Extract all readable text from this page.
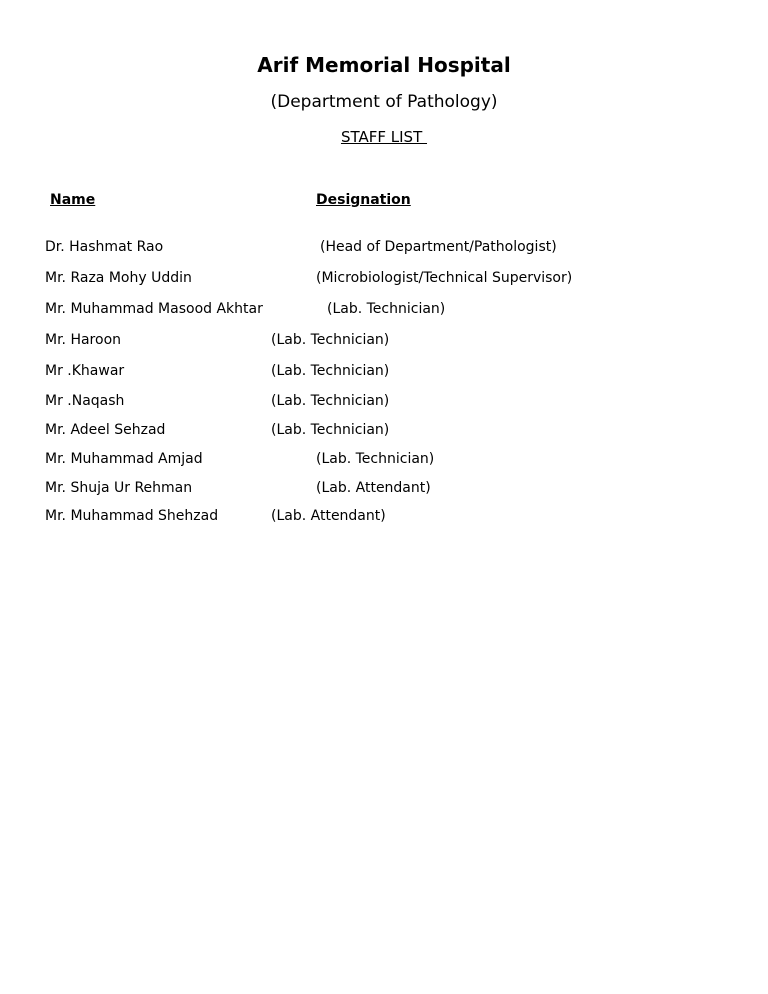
Arif Memorial Hospital
(Department of Pathology)
STAFF LIST
Name	Designation
Dr. Hashmat Rao	(Head of Department/Pathologist)
Mr. Raza Mohy Uddin	(Microbiologist/Technical Supervisor)
Mr. Muhammad Masood Akhtar	(Lab. Technician)
Mr. Haroon	(Lab. Technician)
Mr .Khawar	(Lab. Technician)
Mr .Naqash	(Lab. Technician)
Mr. Adeel Sehzad	(Lab. Technician)
Mr. Muhammad Amjad	(Lab. Technician)
Mr. Shuja Ur Rehman	(Lab. Attendant)
Mr. Muhammad Shehzad	(Lab. Attendant)
